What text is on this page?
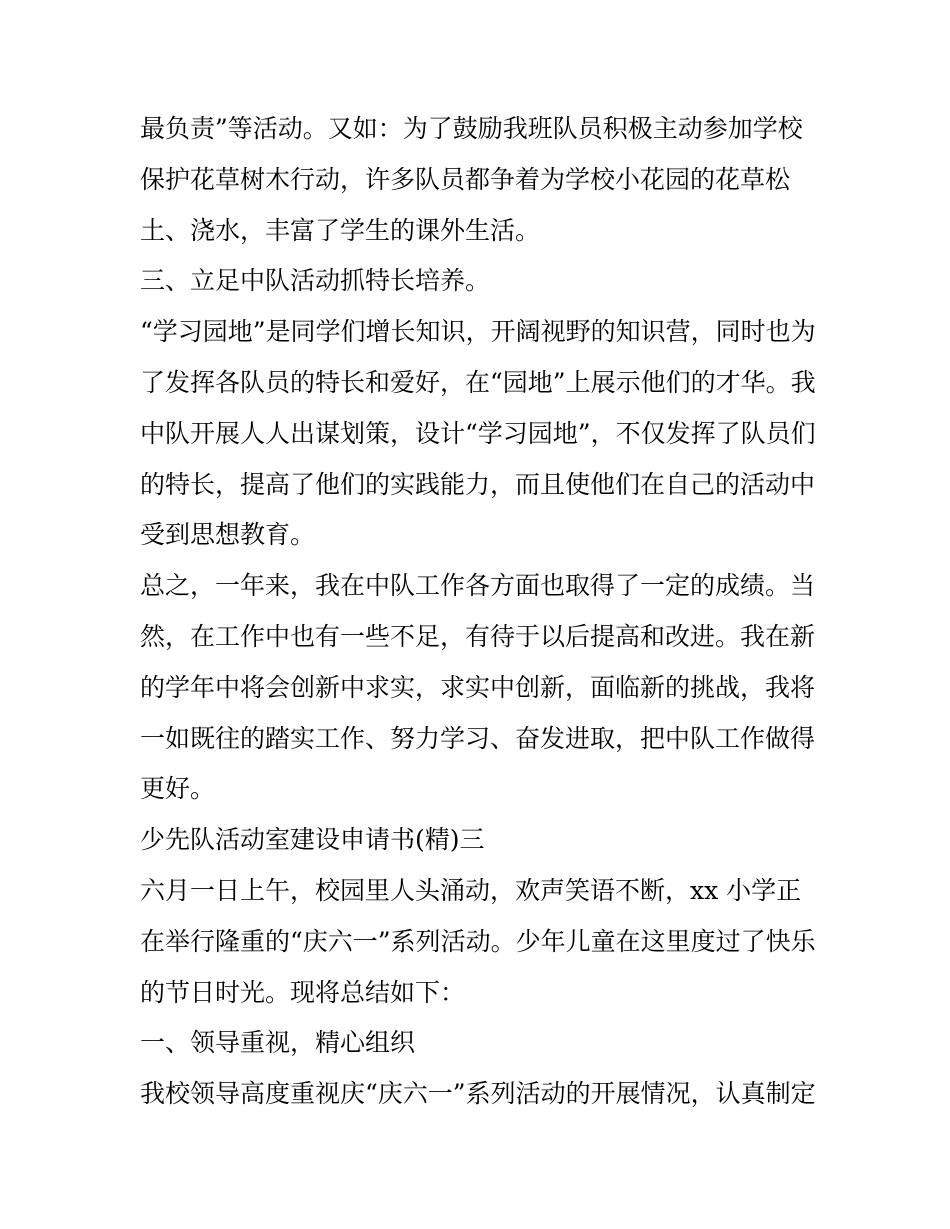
最负责”等活动。又如：为了鼓励我班队员积极主动参加学校
保护花草树木行动，许多队员都争着为学校小花园的花草松
土、浇水，丰富了学生的课外生活。
三、立足中队活动抓特长培养。
“学习园地”是同学们增长知识，开阔视野的知识营，同时也为
了发挥各队员的特长和爱好，在“园地”上展示他们的才华。我
中队开展人人出谋划策，设计“学习园地”，不仅发挥了队员们
的特长，提高了他们的实践能力，而且使他们在自己的活动中
受到思想教育。
总之，一年来，我在中队工作各方面也取得了一定的成绩。当
然，在工作中也有一些不足，有待于以后提高和改进。我在新
的学年中将会创新中求实，求实中创新，面临新的挑战，我将
一如既往的踏实工作、努力学习、奋发进取，把中队工作做得
更好。
少先队活动室建设申请书(精)三
六月一日上午，校园里人头涌动，欢声笑语不断，xx 小学正
在举行隆重的“庆六一”系列活动。少年儿童在这里度过了快乐
的节日时光。现将总结如下：
一、领导重视，精心组织
我校领导高度重视庆“庆六一”系列活动的开展情况，认真制定
